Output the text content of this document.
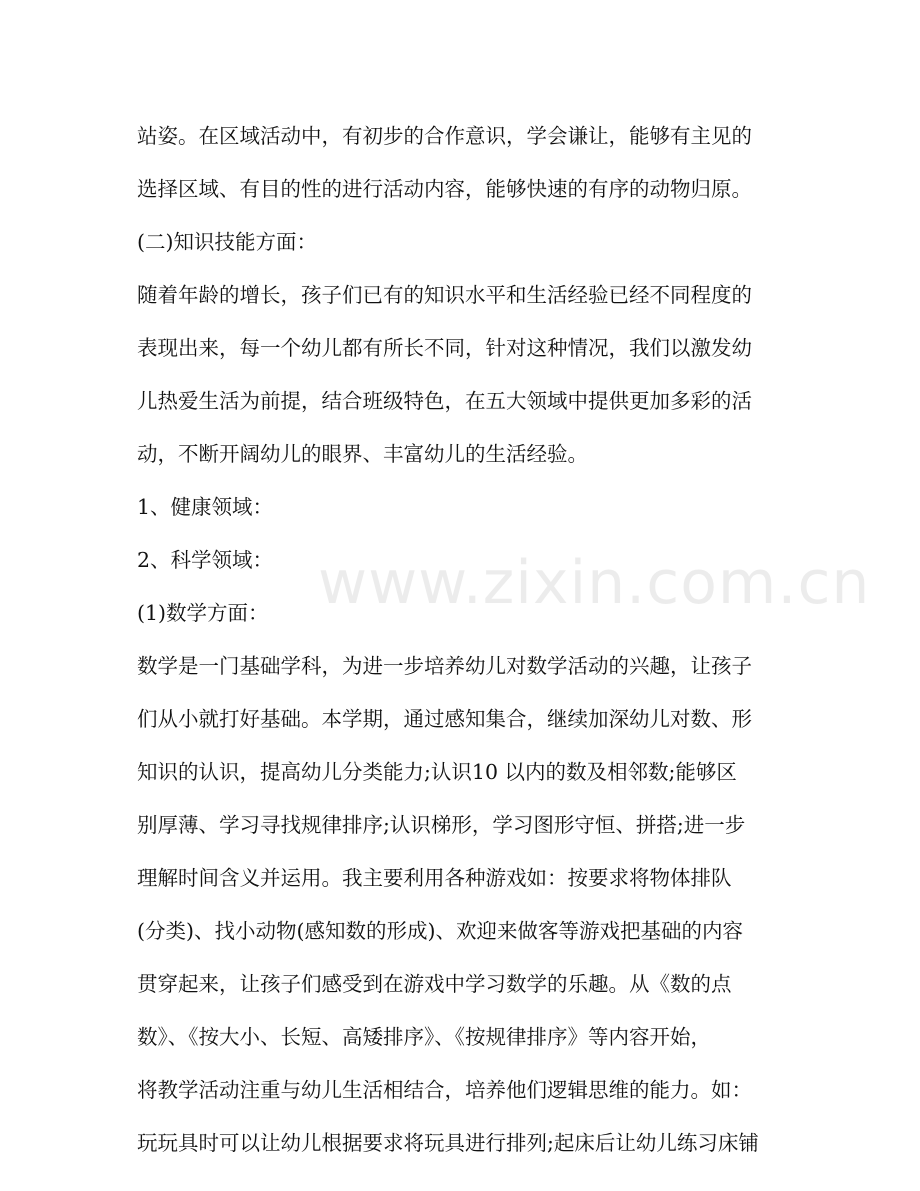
www.zixin.com.cn
站姿。在区域活动中，有初步的合作意识，学会谦让，能够有主见的
选择区域、有目的性的进行活动内容，能够快速的有序的动物归原。
(二)知识技能方面：
随着年龄的增长，孩子们已有的知识水平和生活经验已经不同程度的
表现出来，每一个幼儿都有所长不同，针对这种情况，我们以激发幼
儿热爱生活为前提，结合班级特色，在五大领域中提供更加多彩的活
动，不断开阔幼儿的眼界、丰富幼儿的生活经验。
1、健康领域：
2、科学领域：
(1)数学方面：
数学是一门基础学科，为进一步培养幼儿对数学活动的兴趣，让孩子
们从小就打好基础。本学期，通过感知集合，继续加深幼儿对数、形
知识的认识，提高幼儿分类能力;认识10 以内的数及相邻数;能够区
别厚薄、学习寻找规律排序;认识梯形，学习图形守恒、拼搭;进一步
理解时间含义并运用。我主要利用各种游戏如：按要求将物体排队
(分类)、找小动物(感知数的形成)、欢迎来做客等游戏把基础的内容
贯穿起来，让孩子们感受到在游戏中学习数学的乐趣。从《数的点
数》、《按大小、长短、高矮排序》、《按规律排序》等内容开始，
将教学活动注重与幼儿生活相结合，培养他们逻辑思维的能力。如：
玩玩具时可以让幼儿根据要求将玩具进行排列;起床后让幼儿练习床铺
